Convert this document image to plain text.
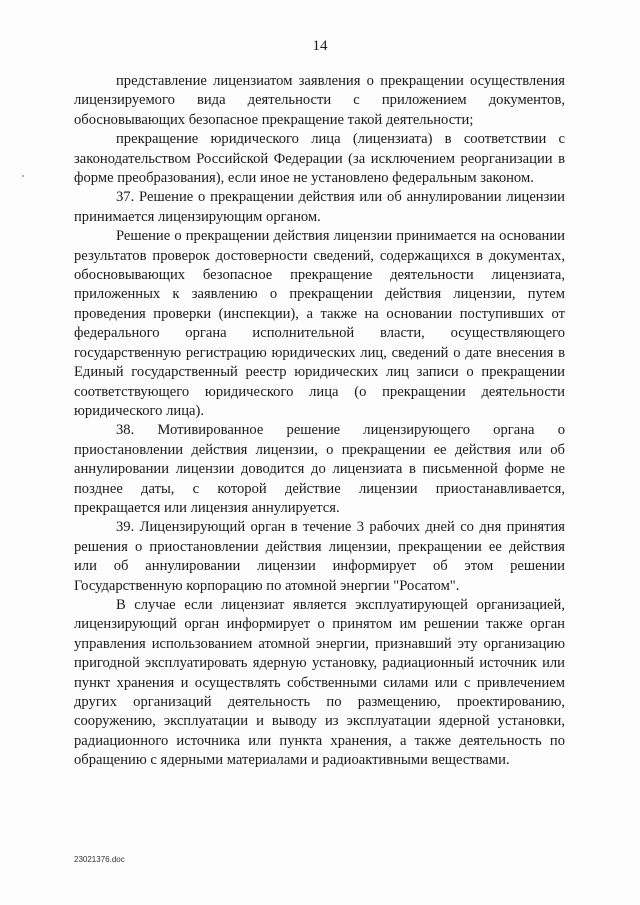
14

представление лицензиатом заявления о прекращении осуществления лицензируемого вида деятельности с приложением документов, обосновывающих безопасное прекращение такой деятельности;

прекращение юридического лица (лицензиата) в соответствии с законодательством Российской Федерации (за исключением реорганизации в форме преобразования), если иное не установлено федеральным законом.

37. Решение о прекращении действия или об аннулировании лицензии принимается лицензирующим органом.

Решение о прекращении действия лицензии принимается на основании результатов проверок достоверности сведений, содержащихся в документах, обосновывающих безопасное прекращение деятельности лицензиата, приложенных к заявлению о прекращении действия лицензии, путем проведения проверки (инспекции), а также на основании поступивших от федерального органа исполнительной власти, осуществляющего государственную регистрацию юридических лиц, сведений о дате внесения в Единый государственный реестр юридических лиц записи о прекращении соответствующего юридического лица (о прекращении деятельности юридического лица).

38. Мотивированное решение лицензирующего органа о приостановлении действия лицензии, о прекращении ее действия или об аннулировании лицензии доводится до лицензиата в письменной форме не позднее даты, с которой действие лицензии приостанавливается, прекращается или лицензия аннулируется.

39. Лицензирующий орган в течение 3 рабочих дней со дня принятия решения о приостановлении действия лицензии, прекращении ее действия или об аннулировании лицензии информирует об этом решении Государственную корпорацию по атомной энергии "Росатом".

В случае если лицензиат является эксплуатирующей организацией, лицензирующий орган информирует о принятом им решении также орган управления использованием атомной энергии, признавший эту организацию пригодной эксплуатировать ядерную установку, радиационный источник или пункт хранения и осуществлять собственными силами или с привлечением других организаций деятельность по размещению, проектированию, сооружению, эксплуатации и выводу из эксплуатации ядерной установки, радиационного источника или пункта хранения, а также деятельность по обращению с ядерными материалами и радиоактивными веществами.

23021376.doc
